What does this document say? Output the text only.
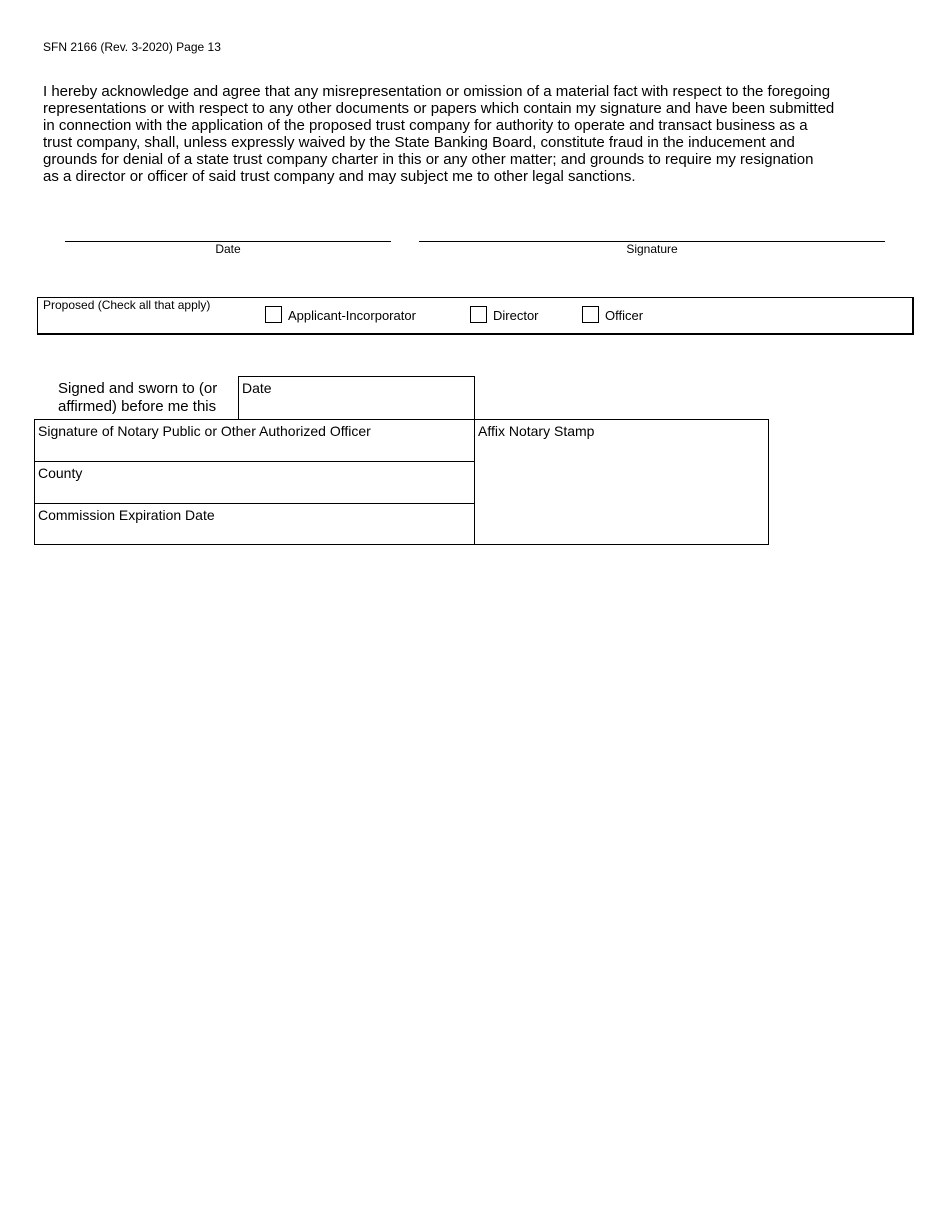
SFN 2166 (Rev. 3-2020) Page 13
I hereby acknowledge and agree that any misrepresentation or omission of a material fact with respect to the foregoing
representations or with respect to any other documents or papers which contain my signature and have been submitted
in connection with the application of the proposed trust company for authority to operate and transact business as a
trust company, shall, unless expressly waived by the State Banking Board, constitute fraud in the inducement and
grounds for denial of a state trust company charter in this or any other matter; and grounds to require my resignation
as a director or officer of said trust company and may subject me to other legal sanctions.
Date	Signature
Proposed (Check all that apply)
Applicant-Incorporator	Director	Officer
Signed and sworn to (or
affirmed) before me this
Date
Signature of Notary Public or Other Authorized Officer
County
Commission Expiration Date
Affix Notary Stamp
